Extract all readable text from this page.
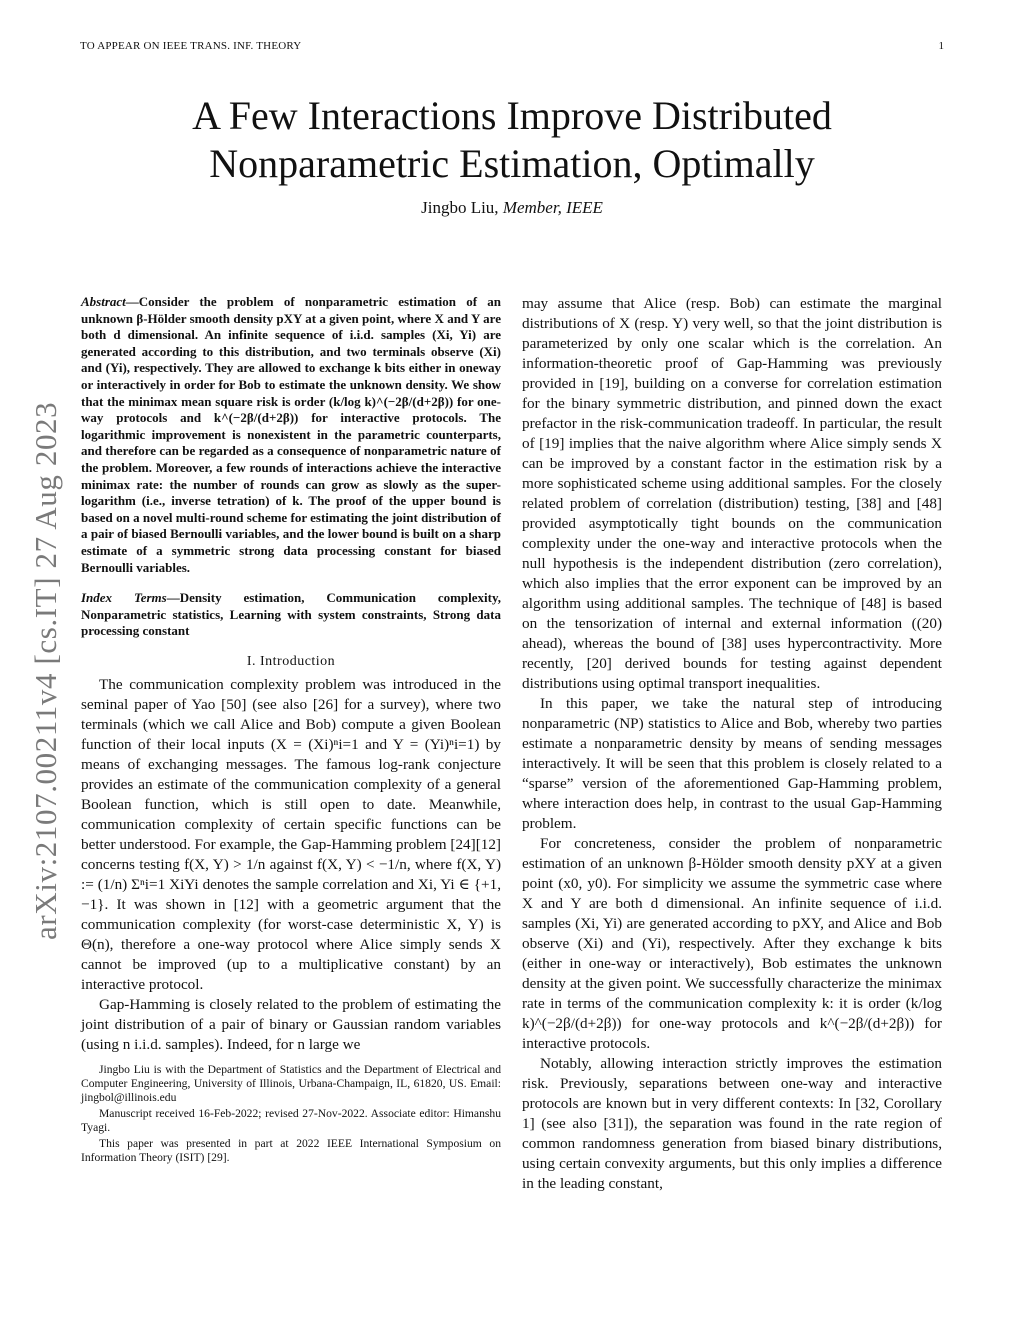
TO APPEAR ON IEEE TRANS. INF. THEORY	1
A Few Interactions Improve Distributed
Nonparametric Estimation, Optimally
Jingbo Liu, Member, IEEE
arXiv:2107.00211v4 [cs.IT] 27 Aug 2023

Abstract—Consider the problem of nonparametric estimation of an unknown β-Hölder smooth density pXY at a given point, where X and Y are both d dimensional. An infinite sequence of i.i.d. samples (Xi, Yi) are generated according to this distribution, and two terminals observe (Xi) and (Yi), respectively. They are allowed to exchange k bits either in oneway or interactively in order for Bob to estimate the unknown density. We show that the minimax mean square risk is order (k/log k)^(−2β/(d+2β)) for one-way protocols and k^(−2β/(d+2β)) for interactive protocols. The logarithmic improvement is nonexistent in the parametric counterparts, and therefore can be regarded as a consequence of nonparametric nature of the problem. Moreover, a few rounds of interactions achieve the interactive minimax rate: the number of rounds can grow as slowly as the super-logarithm (i.e., inverse tetration) of k. The proof of the upper bound is based on a novel multi-round scheme for estimating the joint distribution of a pair of biased Bernoulli variables, and the lower bound is built on a sharp estimate of a symmetric strong data processing constant for biased Bernoulli variables.

Index Terms—Density estimation, Communication complexity, Nonparametric statistics, Learning with system constraints, Strong data processing constant

I. Introduction

The communication complexity problem was introduced in the seminal paper of Yao [50] (see also [26] for a survey), where two terminals (which we call Alice and Bob) compute a given Boolean function of their local inputs (X = (Xi)ⁿi=1 and Y = (Yi)ⁿi=1) by means of exchanging messages. The famous log-rank conjecture provides an estimate of the communication complexity of a general Boolean function, which is still open to date. Meanwhile, communication complexity of certain specific functions can be better understood. For example, the Gap-Hamming problem [24][12] concerns testing f(X, Y) > 1/n against f(X, Y) < −1/n, where f(X, Y) := (1/n) Σⁿi=1 XiYi denotes the sample correlation and Xi, Yi ∈ {+1, −1}. It was shown in [12] with a geometric argument that the communication complexity (for worst-case deterministic X, Y) is Θ(n), therefore a one-way protocol where Alice simply sends X cannot be improved (up to a multiplicative constant) by an interactive protocol.

Gap-Hamming is closely related to the problem of estimating the joint distribution of a pair of binary or Gaussian random variables (using n i.i.d. samples). Indeed, for n large we

Jingbo Liu is with the Department of Statistics and the Department of Electrical and Computer Engineering, University of Illinois, Urbana-Champaign, IL, 61820, US. Email: jingbol@illinois.edu

Manuscript received 16-Feb-2022; revised 27-Nov-2022. Associate editor: Himanshu Tyagi.

This paper was presented in part at 2022 IEEE International Symposium on Information Theory (ISIT) [29].

may assume that Alice (resp. Bob) can estimate the marginal distributions of X (resp. Y) very well, so that the joint distribution is parameterized by only one scalar which is the correlation. An information-theoretic proof of Gap-Hamming was previously provided in [19], building on a converse for correlation estimation for the binary symmetric distribution, and pinned down the exact prefactor in the risk-communication tradeoff. In particular, the result of [19] implies that the naive algorithm where Alice simply sends X can be improved by a constant factor in the estimation risk by a more sophisticated scheme using additional samples. For the closely related problem of correlation (distribution) testing, [38] and [48] provided asymptotically tight bounds on the communication complexity under the one-way and interactive protocols when the null hypothesis is the independent distribution (zero correlation), which also implies that the error exponent can be improved by an algorithm using additional samples. The technique of [48] is based on the tensorization of internal and external information ((20) ahead), whereas the bound of [38] uses hypercontractivity. More recently, [20] derived bounds for testing against dependent distributions using optimal transport inequalities.

In this paper, we take the natural step of introducing nonparametric (NP) statistics to Alice and Bob, whereby two parties estimate a nonparametric density by means of sending messages interactively. It will be seen that this problem is closely related to a “sparse” version of the aforementioned Gap-Hamming problem, where interaction does help, in contrast to the usual Gap-Hamming problem.

For concreteness, consider the problem of nonparametric estimation of an unknown β-Hölder smooth density pXY at a given point (x0, y0). For simplicity we assume the symmetric case where X and Y are both d dimensional. An infinite sequence of i.i.d. samples (Xi, Yi) are generated according to pXY, and Alice and Bob observe (Xi) and (Yi), respectively. After they exchange k bits (either in one-way or interactively), Bob estimates the unknown density at the given point. We successfully characterize the minimax rate in terms of the communication complexity k: it is order (k/log k)^(−2β/(d+2β)) for one-way protocols and k^(−2β/(d+2β)) for interactive protocols.

Notably, allowing interaction strictly improves the estimation risk. Previously, separations between one-way and interactive protocols are known but in very different contexts: In [32, Corollary 1] (see also [31]), the separation was found in the rate region of common randomness generation from biased binary distributions, using certain convexity arguments, but this only implies a difference in the leading constant,
